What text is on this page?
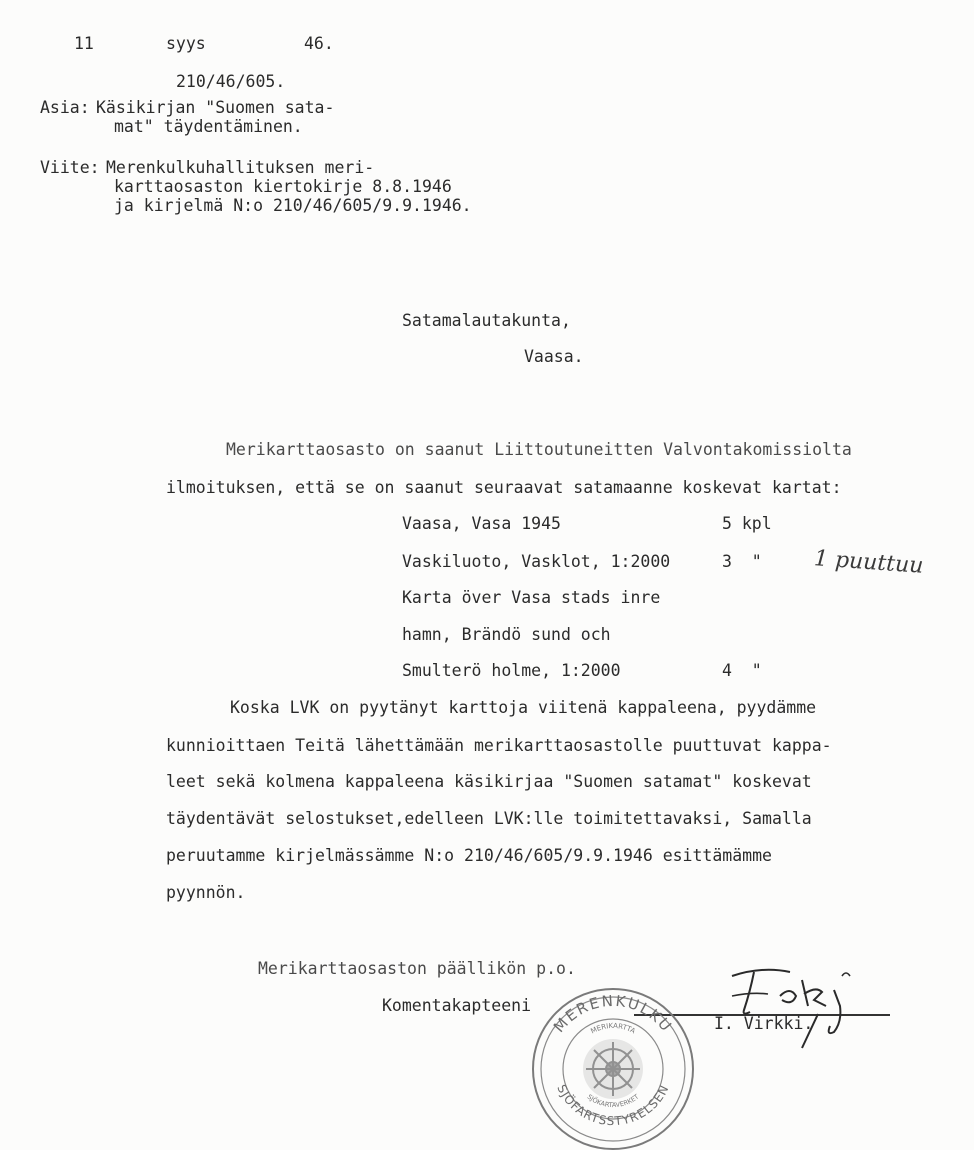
11	syys	46.
210/46/605.
Asia: Käsikirjan "Suomen sata-
mat" täydentäminen.
Viite: Merenkulkuhallituksen meri-
karttaosaston kiertokirje 8.8.1946
ja kirjelmä N:o 210/46/605/9.9.1946.
Satamalautakunta,
Vaasa.
Merikarttaosasto on saanut Liittoutuneitten Valvontakomissiolta
ilmoituksen, että se on saanut seuraavat satamaanne koskevat kartat:
Vaasa, Vasa 1945	5 kpl
Vaskiluoto, Vasklot, 1:2000	3  "
Karta över Vasa stads inre
hamn, Brändö sund och
Smulterö holme, 1:2000	4  "
1 puuttuu
Koska LVK on pyytänyt karttoja viitenä kappaleena, pyydämme
kunnioittaen Teitä lähettämään merikarttaosastolle puuttuvat kappa-
leet sekä kolmena kappaleena käsikirjaa "Suomen satamat" koskevat
täydentävät selostukset,edelleen LVK:lle toimitettavaksi, Samalla
peruutamme kirjelmässämme N:o 210/46/605/9.9.1946 esittämämme
pyynnön.
Merikarttaosaston päällikön p.o.
Komentakapteeni
I. Virkki.
MERENKULKU
SJÖFARTSSTYRELSEN
MERIKARTTA
SJÖKARTAVERKET
